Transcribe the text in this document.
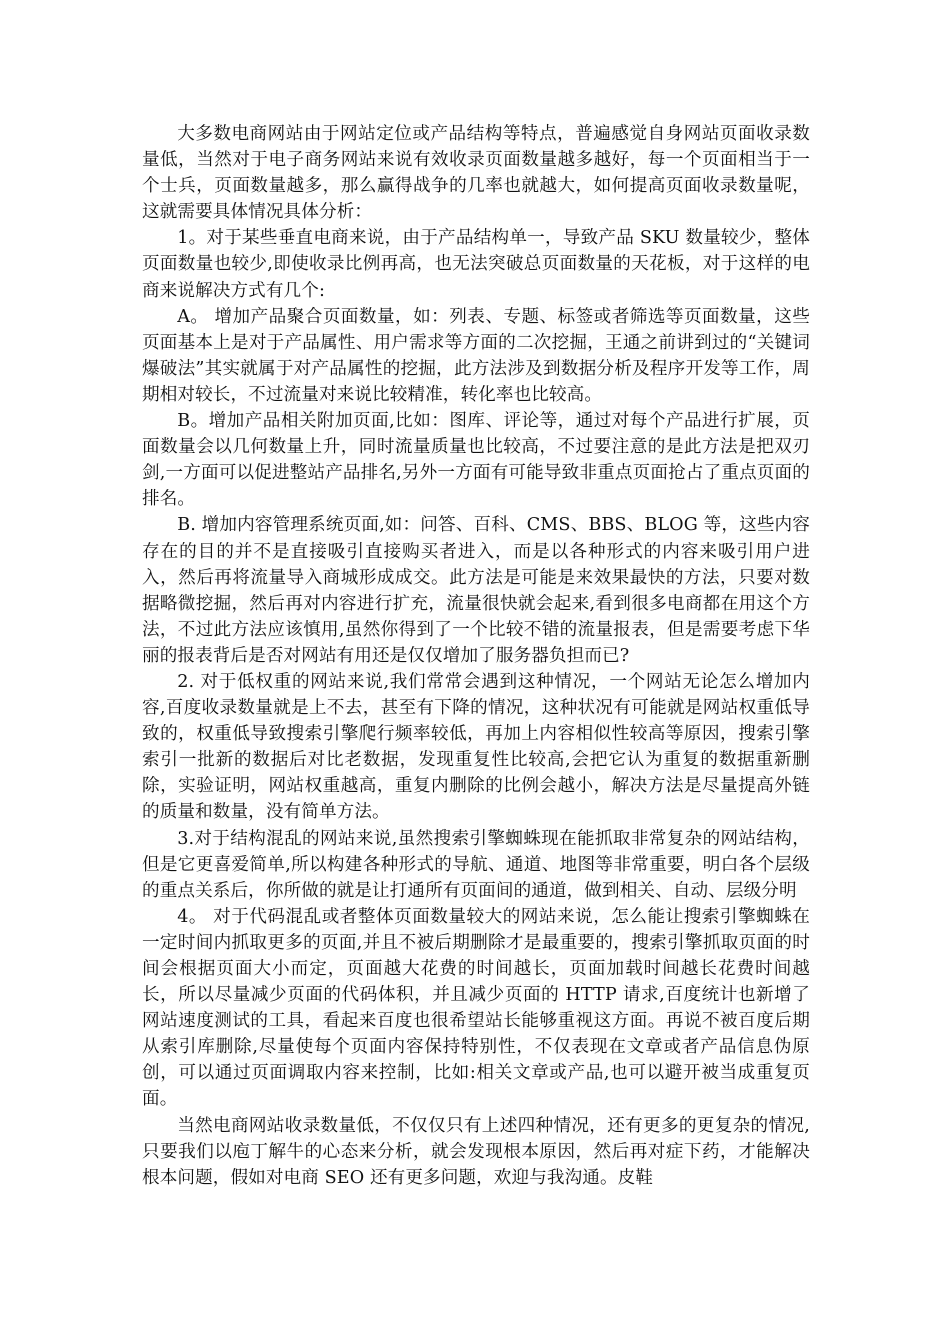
大多数电商网站由于网站定位或产品结构等特点，普遍感觉自身网站页面收录数量低，当然对于电子商务网站来说有效收录页面数量越多越好，每一个页面相当于一个士兵，页面数量越多，那么赢得战争的几率也就越大，如何提高页面收录数量呢，这就需要具体情况具体分析：

1。对于某些垂直电商来说，由于产品结构单一，导致产品 SKU 数量较少，整体页面数量也较少,即使收录比例再高，也无法突破总页面数量的天花板，对于这样的电商来说解决方式有几个:

A。 增加产品聚合页面数量，如：列表、专题、标签或者筛选等页面数量，这些页面基本上是对于产品属性、用户需求等方面的二次挖掘，王通之前讲到过的“关键词爆破法”其实就属于对产品属性的挖掘，此方法涉及到数据分析及程序开发等工作，周期相对较长，不过流量对来说比较精准，转化率也比较高。

B。增加产品相关附加页面,比如：图库、评论等，通过对每个产品进行扩展，页面数量会以几何数量上升，同时流量质量也比较高，不过要注意的是此方法是把双刃剑,一方面可以促进整站产品排名,另外一方面有可能导致非重点页面抢占了重点页面的排名。

B. 增加内容管理系统页面,如：问答、百科、CMS、BBS、BLOG 等，这些内容存在的目的并不是直接吸引直接购买者进入，而是以各种形式的内容来吸引用户进入，然后再将流量导入商城形成成交。此方法是可能是来效果最快的方法，只要对数据略微挖掘，然后再对内容进行扩充，流量很快就会起来,看到很多电商都在用这个方法，不过此方法应该慎用,虽然你得到了一个比较不错的流量报表，但是需要考虑下华丽的报表背后是否对网站有用还是仅仅增加了服务器负担而已?

2. 对于低权重的网站来说,我们常常会遇到这种情况，一个网站无论怎么增加内容,百度收录数量就是上不去，甚至有下降的情况，这种状况有可能就是网站权重低导致的，权重低导致搜索引擎爬行频率较低，再加上内容相似性较高等原因，搜索引擎索引一批新的数据后对比老数据，发现重复性比较高,会把它认为重复的数据重新删除，实验证明，网站权重越高，重复内删除的比例会越小，解决方法是尽量提高外链的质量和数量，没有简单方法。

3.对于结构混乱的网站来说,虽然搜索引擎蜘蛛现在能抓取非常复杂的网站结构，但是它更喜爱简单,所以构建各种形式的导航、通道、地图等非常重要，明白各个层级的重点关系后，你所做的就是让打通所有页面间的通道，做到相关、自动、层级分明

4。 对于代码混乱或者整体页面数量较大的网站来说，怎么能让搜索引擎蜘蛛在一定时间内抓取更多的页面,并且不被后期删除才是最重要的，搜索引擎抓取页面的时间会根据页面大小而定，页面越大花费的时间越长，页面加载时间越长花费时间越长，所以尽量减少页面的代码体积，并且减少页面的 HTTP 请求,百度统计也新增了网站速度测试的工具，看起来百度也很希望站长能够重视这方面。再说不被百度后期从索引库删除,尽量使每个页面内容保持特别性，不仅表现在文章或者产品信息伪原创，可以通过页面调取内容来控制，比如:相关文章或产品,也可以避开被当成重复页面。

当然电商网站收录数量低，不仅仅只有上述四种情况，还有更多的更复杂的情况,只要我们以庖丁解牛的心态来分析，就会发现根本原因，然后再对症下药，才能解决根本问题，假如对电商 SEO 还有更多问题，欢迎与我沟通。皮鞋
